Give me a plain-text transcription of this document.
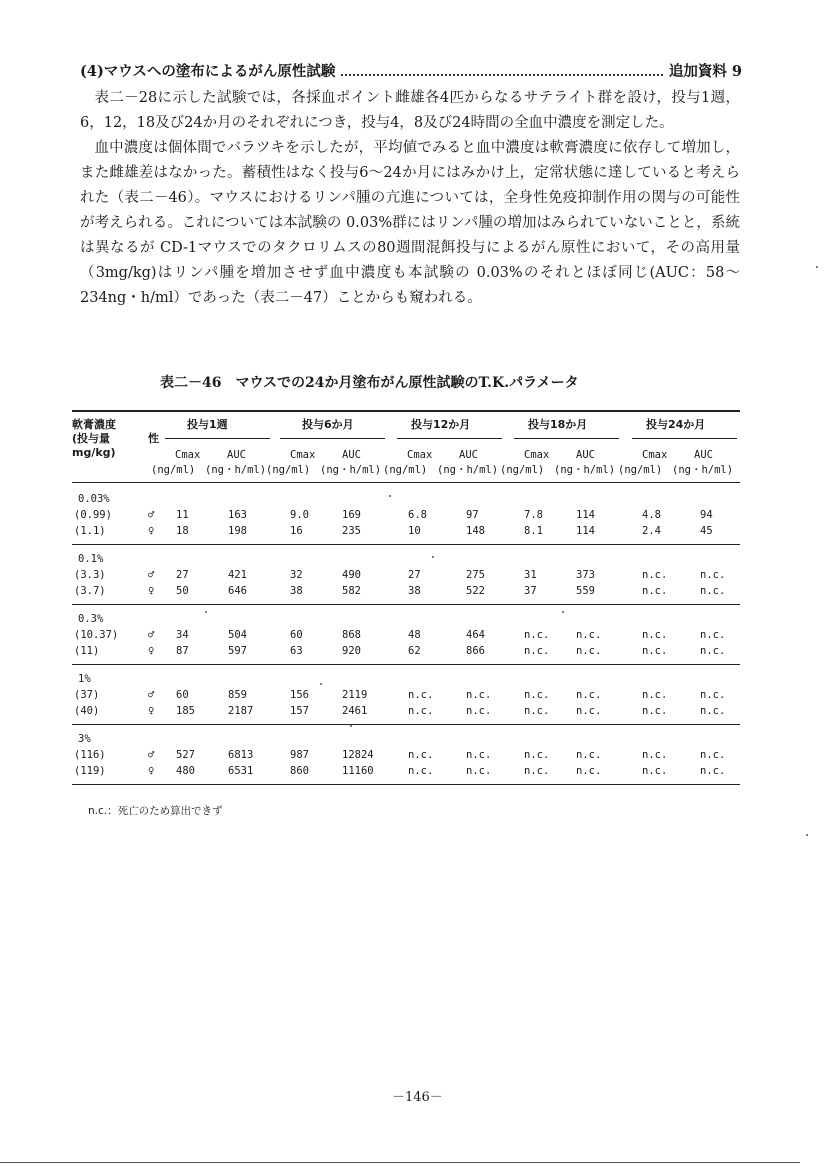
(4)マウスへの塗布によるがん原性試験	追加資料 9

表二－28に示した試験では，各採血ポイント雌雄各4匹からなるサテライト群を設け，投与1週，6，12，18及び24か月のそれぞれにつき，投与4，8及び24時間の全血中濃度を測定した。

血中濃度は個体間でバラツキを示したが，平均値でみると血中濃度は軟膏濃度に依存して増加し，また雌雄差はなかった。蓄積性はなく投与6～24か月にはみかけ上，定常状態に達していると考えられた（表二－46）。マウスにおけるリンパ腫の亢進については，全身性免疫抑制作用の関与の可能性が考えられる。これについては本試験の 0.03%群にはリンパ腫の増加はみられていないことと，系統は異なるが CD-1マウスでのタクロリムスの80週間混餌投与によるがん原性において，その高用量（3mg/kg)はリンパ腫を増加させず血中濃度も本試験の 0.03%のそれとほぼ同じ(AUC：58～234ng・h/ml）であった（表二－47）ことからも窺われる。

表二－46　マウスでの24か月塗布がん原性試験のT.K.パラメータ
n.c.：死亡のため算出できず
－146－
軟膏濃度
(投与量
mg/kg)
性
投与1週
Cmax	AUC
(ng/ml) (ng・h/ml)
投与6か月
Cmax	AUC
(ng/ml) (ng・h/ml)
投与12か月
Cmax	AUC
(ng/ml) (ng・h/ml)
投与18か月
Cmax	AUC
(ng/ml) (ng・h/ml)
投与24か月
Cmax	AUC
(ng/ml) (ng・h/ml)
0.03%
(0.99)	♂ 11	163	9.0	169	6.8	97	7.8	114	4.8	94
(1.1)	♀ 18	198	16	235	10	148	8.1	114	2.4	45
0.1%
(3.3)	♂ 27	421	32	490	27	275	31	373	n.c.	n.c.
(3.7)	♀ 50	646	38	582	38	522	37	559	n.c.	n.c.
0.3%
(10.37)	♂ 34	504	60	868	48	464	n.c.	n.c.	n.c.	n.c.
(11)	♀ 87	597	63	920	62	866	n.c.	n.c.	n.c.	n.c.
1%
(37)	♂ 60	859	156	2119	n.c.	n.c.	n.c.	n.c.	n.c.	n.c.
(40)	♀ 185	2187	157	2461	n.c.	n.c.	n.c.	n.c.	n.c.	n.c.
3%
(116)	♂ 527	6813	987	12824	n.c.	n.c.	n.c.	n.c.	n.c.	n.c.
(119)	♀ 480	6531	860	11160	n.c.	n.c.	n.c.	n.c.	n.c.	n.c.
